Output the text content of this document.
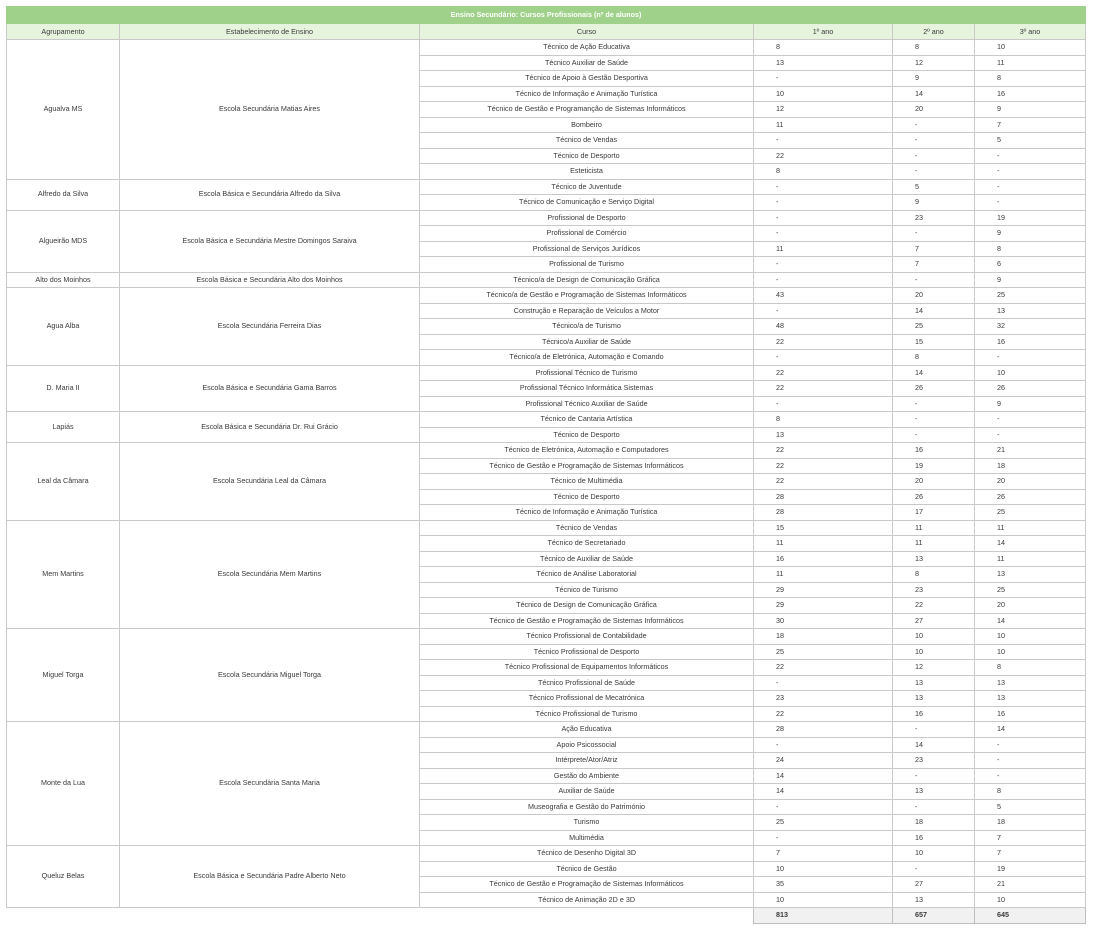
Ensino Secundário: Cursos Profissionais (nº de alunos)					
Agrupamento	Estabelecimento de Ensino	Curso	1º ano	2º ano	3º ano
Agualva MS	Escola Secundária Matias Aires	Técnico de Ação Educativa	8	8	10
		Técnico Auxiliar de Saúde	13	12	11
		Técnico de Apoio à Gestão Desportiva	-	9	8
		Técnico de Informação e Animação Turística	10	14	16
		Técnico de Gestão e Programanção de Sistemas Informáticos	12	20	9
		Bombeiro	11	-	7
		Técnico de Vendas	-	-	5
		Técnico de Desporto	22	-	-
		Esteticista	8	-	-
Alfredo da Silva	Escola Básica e Secundária Alfredo da Silva	Técnico de Juventude	-	5	-
		Técnico de Comunicação e Serviço Digital	-	9	-
Algueirão MDS	Escola Básica e Secundária Mestre Domingos Saraiva	Profissional de Desporto	-	23	19
		Profissional de Comércio	-	-	9
		Profissional de Serviços Jurídicos	11	7	8
		Profissional de Turismo	-	7	6
Alto dos Moinhos	Escola Básica e Secundária Alto dos Moinhos	Técnico/a de Design de Comunicação Gráfica	-	-	9
Agua Alba	Escola Secundária Ferreira Dias	Técnico/a de Gestão e Programação de Sistemas Informáticos	43	20	25
		Construção e Reparação de Veículos a Motor	-	14	13
		Técnico/a de Turismo	48	25	32
		Técnico/a Auxiliar de Saúde	22	15	16
		Técnico/a de Eletrónica, Automação e Comando	-	8	-
D. Maria II	Escola Básica e Secundária Gama Barros	Profissional Técnico de Turismo	22	14	10
		Profissional Técnico Informática Sistemas	22	26	26
		Profissional Técnico Auxiliar de Saúde	-	-	9
Lapiás	Escola Básica e Secundária Dr. Rui Grácio	Técnico de Cantaria Artística	8	-	-
		Técnico de Desporto	13	-	-
Leal da Câmara	Escola Secundária Leal da Câmara	Técnico de Eletrónica, Automação e Computadores	22	16	21
		Técnico de Gestão e Programação de Sistemas Informáticos	22	19	18
		Técnico de Multimédia	22	20	20
		Técnico de Desporto	28	26	26
		Técnico de Informação e Animação Turística	28	17	25
Mem Martins	Escola Secundária Mem Martins	Técnico de Vendas	15	11	11
		Técnico de Secretariado	11	11	14
		Técnico de Auxiliar de Saúde	16	13	11
		Técnico de Análise Laboratorial	11	8	13
		Técnico de Turismo	29	23	25
		Técnico de Design de Comunicação Gráfica	29	22	20
		Técnico de Gestão e Programação de Sistemas Informáticos	30	27	14
Miguel Torga	Escola Secundária Miguel Torga	Técnico Profissional de Contabilidade	18	10	10
		Técnico Profissional de Desporto	25	10	10
		Técnico Profissional de Equipamentos Informáticos	22	12	8
		Técnico Profissional de Saúde	-	13	13
		Técnico Profissional de Mecatrónica	23	13	13
		Técnico Profissional de Turismo	22	16	16
Monte da Lua	Escola Secundária Santa Maria	Ação Educativa	28	-	14
		Apoio Psicossocial	-	14	-
		Intérprete/Ator/Atriz	24	23	-
		Gestão do Ambiente	14	-	-
		Auxiliar de Saúde	14	13	8
		Museografia e Gestão do Património	-	-	5
		Turismo	25	18	18
		Multimédia	-	16	7
Queluz Belas	Escola Básica e Secundária Padre Alberto Neto	Técnico de Desenho Digital 3D	7	10	7
		Técnico de Gestão	10	-	19
		Técnico de Gestão e Programação de Sistemas Informáticos	35	27	21
		Técnico de Animação 2D e 3D	10	13	10
			813	657	645
